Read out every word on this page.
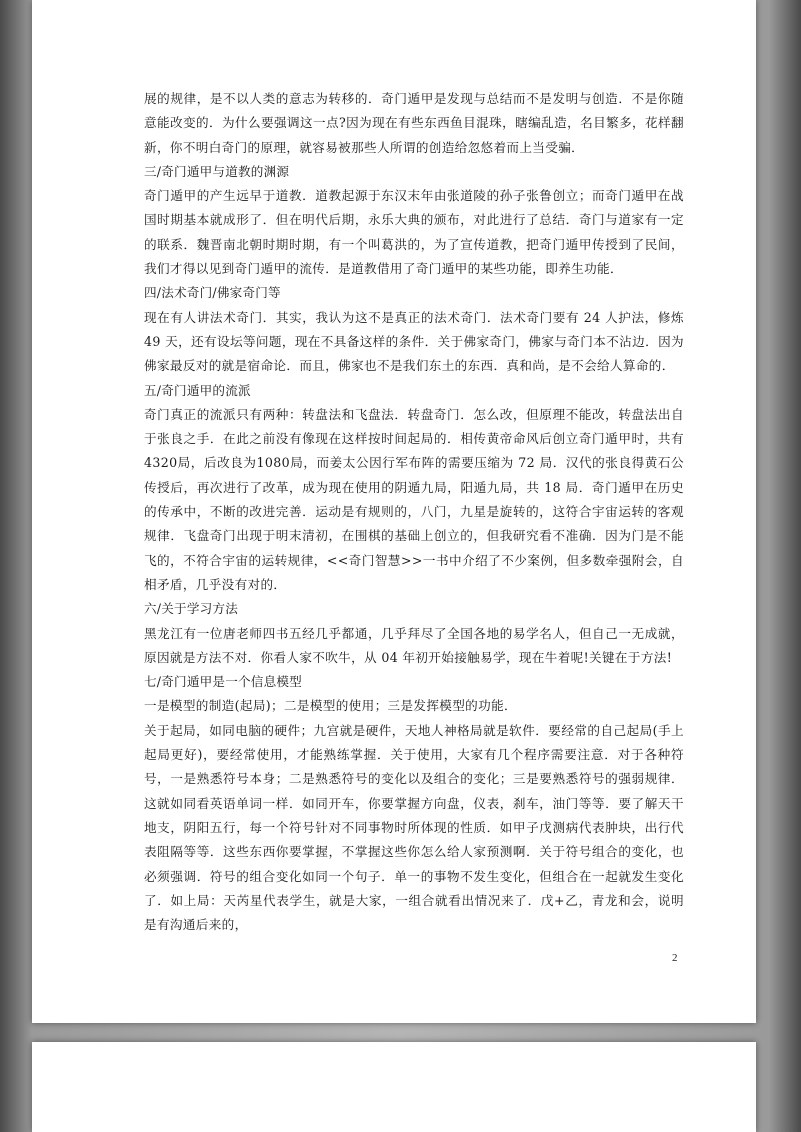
展的规律，是不以人类的意志为转移的．奇门遁甲是发现与总结而不是发明与创造．不是你随意能改变的．为什么要强调这一点?因为现在有些东西鱼目混珠，瞎编乱造，名目繁多，花样翻新，你不明白奇门的原理，就容易被那些人所谓的创造给忽悠着而上当受骗．

三/奇门遁甲与道教的渊源

奇门遁甲的产生远早于道教．道教起源于东汉末年由张道陵的孙子张鲁创立；而奇门遁甲在战国时期基本就成形了．但在明代后期，永乐大典的颁布，对此进行了总结．奇门与道家有一定的联系．魏晋南北朝时期时期，有一个叫葛洪的，为了宣传道教，把奇门遁甲传授到了民间，我们才得以见到奇门遁甲的流传．是道教借用了奇门遁甲的某些功能，即养生功能．

四/法术奇门/佛家奇门等

现在有人讲法术奇门．其实，我认为这不是真正的法术奇门．法术奇门要有 24 人护法，修炼 49 天，还有设坛等问题，现在不具备这样的条件．关于佛家奇门，佛家与奇门本不沾边．因为佛家最反对的就是宿命论．而且，佛家也不是我们东土的东西．真和尚，是不会给人算命的．

五/奇门遁甲的流派

奇门真正的流派只有两种：转盘法和飞盘法．转盘奇门．怎么改，但原理不能改，转盘法出自于张良之手．在此之前没有像现在这样按时间起局的．相传黄帝命风后创立奇门遁甲时，共有4320局，后改良为1080局，而姜太公因行军布阵的需要压缩为 72 局．汉代的张良得黄石公传授后，再次进行了改革，成为现在使用的阴遁九局，阳遁九局，共 18 局．奇门遁甲在历史的传承中，不断的改进完善．运动是有规则的，八门，九星是旋转的，这符合宇宙运转的客观规律．飞盘奇门出现于明末清初，在围棋的基础上创立的，但我研究看不准确．因为门是不能飞的，不符合宇宙的运转规律，<<奇门智慧>>一书中介绍了不少案例，但多数牵强附会，自相矛盾，几乎没有对的．

六/关于学习方法

黑龙江有一位唐老师四书五经几乎都通，几乎拜尽了全国各地的易学名人，但自己一无成就，原因就是方法不对．你看人家不吹牛，从 04 年初开始接触易学，现在牛着呢!关键在于方法!

七/奇门遁甲是一个信息模型

一是模型的制造(起局)；二是模型的使用；三是发挥模型的功能．

关于起局，如同电脑的硬件；九宫就是硬件，天地人神格局就是软件．要经常的自己起局(手上起局更好)，要经常使用，才能熟练掌握．关于使用，大家有几个程序需要注意．对于各种符号，一是熟悉符号本身；二是熟悉符号的变化以及组合的变化；三是要熟悉符号的强弱规律．这就如同看英语单词一样．如同开车，你要掌握方向盘，仪表，刹车，油门等等．要了解天干地支，阴阳五行，每一个符号针对不同事物时所体现的性质．如甲子戊测病代表肿块，出行代表阻隔等等．这些东西你要掌握，不掌握这些你怎么给人家预测啊．关于符号组合的变化，也必须强调．符号的组合变化如同一个句子．单一的事物不发生变化，但组合在一起就发生变化了．如上局：天芮星代表学生，就是大家，一组合就看出情况来了．戊+乙，青龙和会，说明是有沟通后来的，

2
